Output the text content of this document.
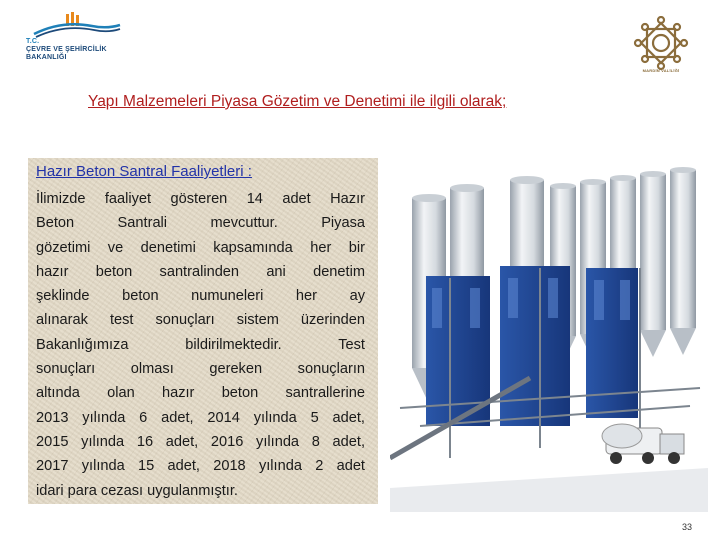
T.C.
ÇEVRE VE ŞEHİRCİLİK
BAKANLIĞI
MARDİN VALİLİĞİ
Yapı Malzemeleri Piyasa Gözetim ve Denetimi ile ilgili olarak;
Hazır Beton Santral Faaliyetleri :
İlimizde faaliyet gösteren 14 adet Hazır
Beton Santrali mevcuttur. Piyasa
gözetimi ve denetimi kapsamında her bir
hazır beton santralinden ani denetim
şeklinde beton numuneleri her ay
alınarak test sonuçları sistem üzerinden
Bakanlığımıza bildirilmektedir. Test
sonuçları olması gereken sonuçların
altında olan hazır beton santrallerine
2013 yılında 6 adet, 2014 yılında 5 adet,
2015 yılında 16 adet, 2016 yılında 8 adet,
2017 yılında 15 adet, 2018 yılında 2 adet
idari para cezası uygulanmıştır.
33
